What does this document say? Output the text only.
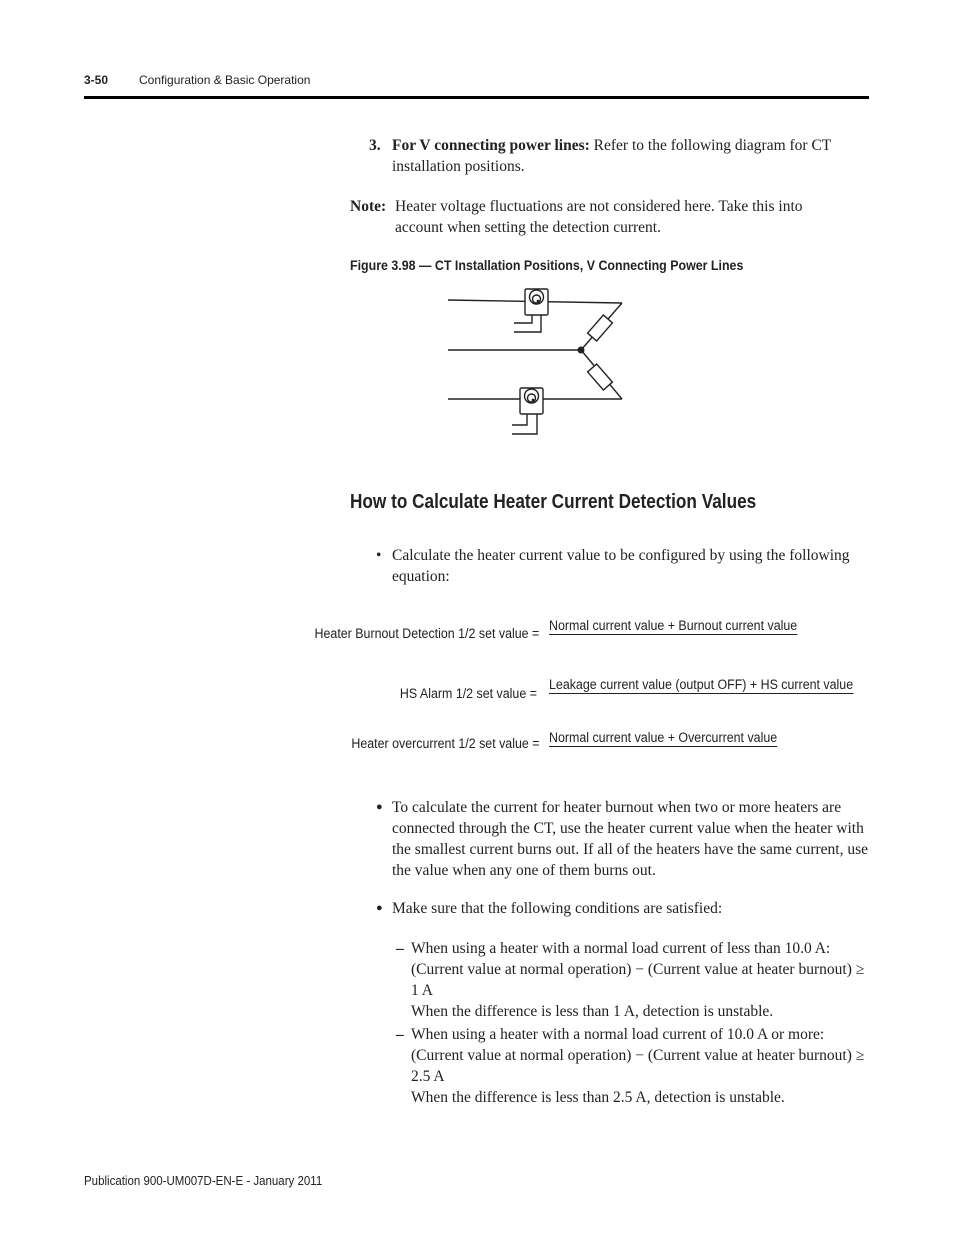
3-50	Configuration & Basic Operation
3. For V connecting power lines: Refer to the following diagram for CT installation positions.
Note: Heater voltage fluctuations are not considered here. Take this into account when setting the detection current.
Figure 3.98 — CT Installation Positions, V Connecting Power Lines
How to Calculate Heater Current Detection Values
• Calculate the heater current value to be configured by using the following equation:
Heater Burnout Detection 1/2 set value =
Normal current value + Burnout current value
HS Alarm 1/2 set value =
Leakage current value (output OFF) + HS current value
Heater overcurrent 1/2 set value = Normal current value + Overcurrent value
● To calculate the current for heater burnout when two or more heaters are connected through the CT, use the heater current value when the heater with the smallest current burns out. If all of the heaters have the same current, use the value when any one of them burns out.
● Make sure that the following conditions are satisfied:
– When using a heater with a normal load current of less than 10.0 A:
(Current value at normal operation) − (Current value at heater burnout) ≥ 1 A
When the difference is less than 1 A, detection is unstable.
– When using a heater with a normal load current of 10.0 A or more:
(Current value at normal operation) − (Current value at heater burnout) ≥ 2.5 A
When the difference is less than 2.5 A, detection is unstable.
Publication 900-UM007D-EN-E - January 2011
